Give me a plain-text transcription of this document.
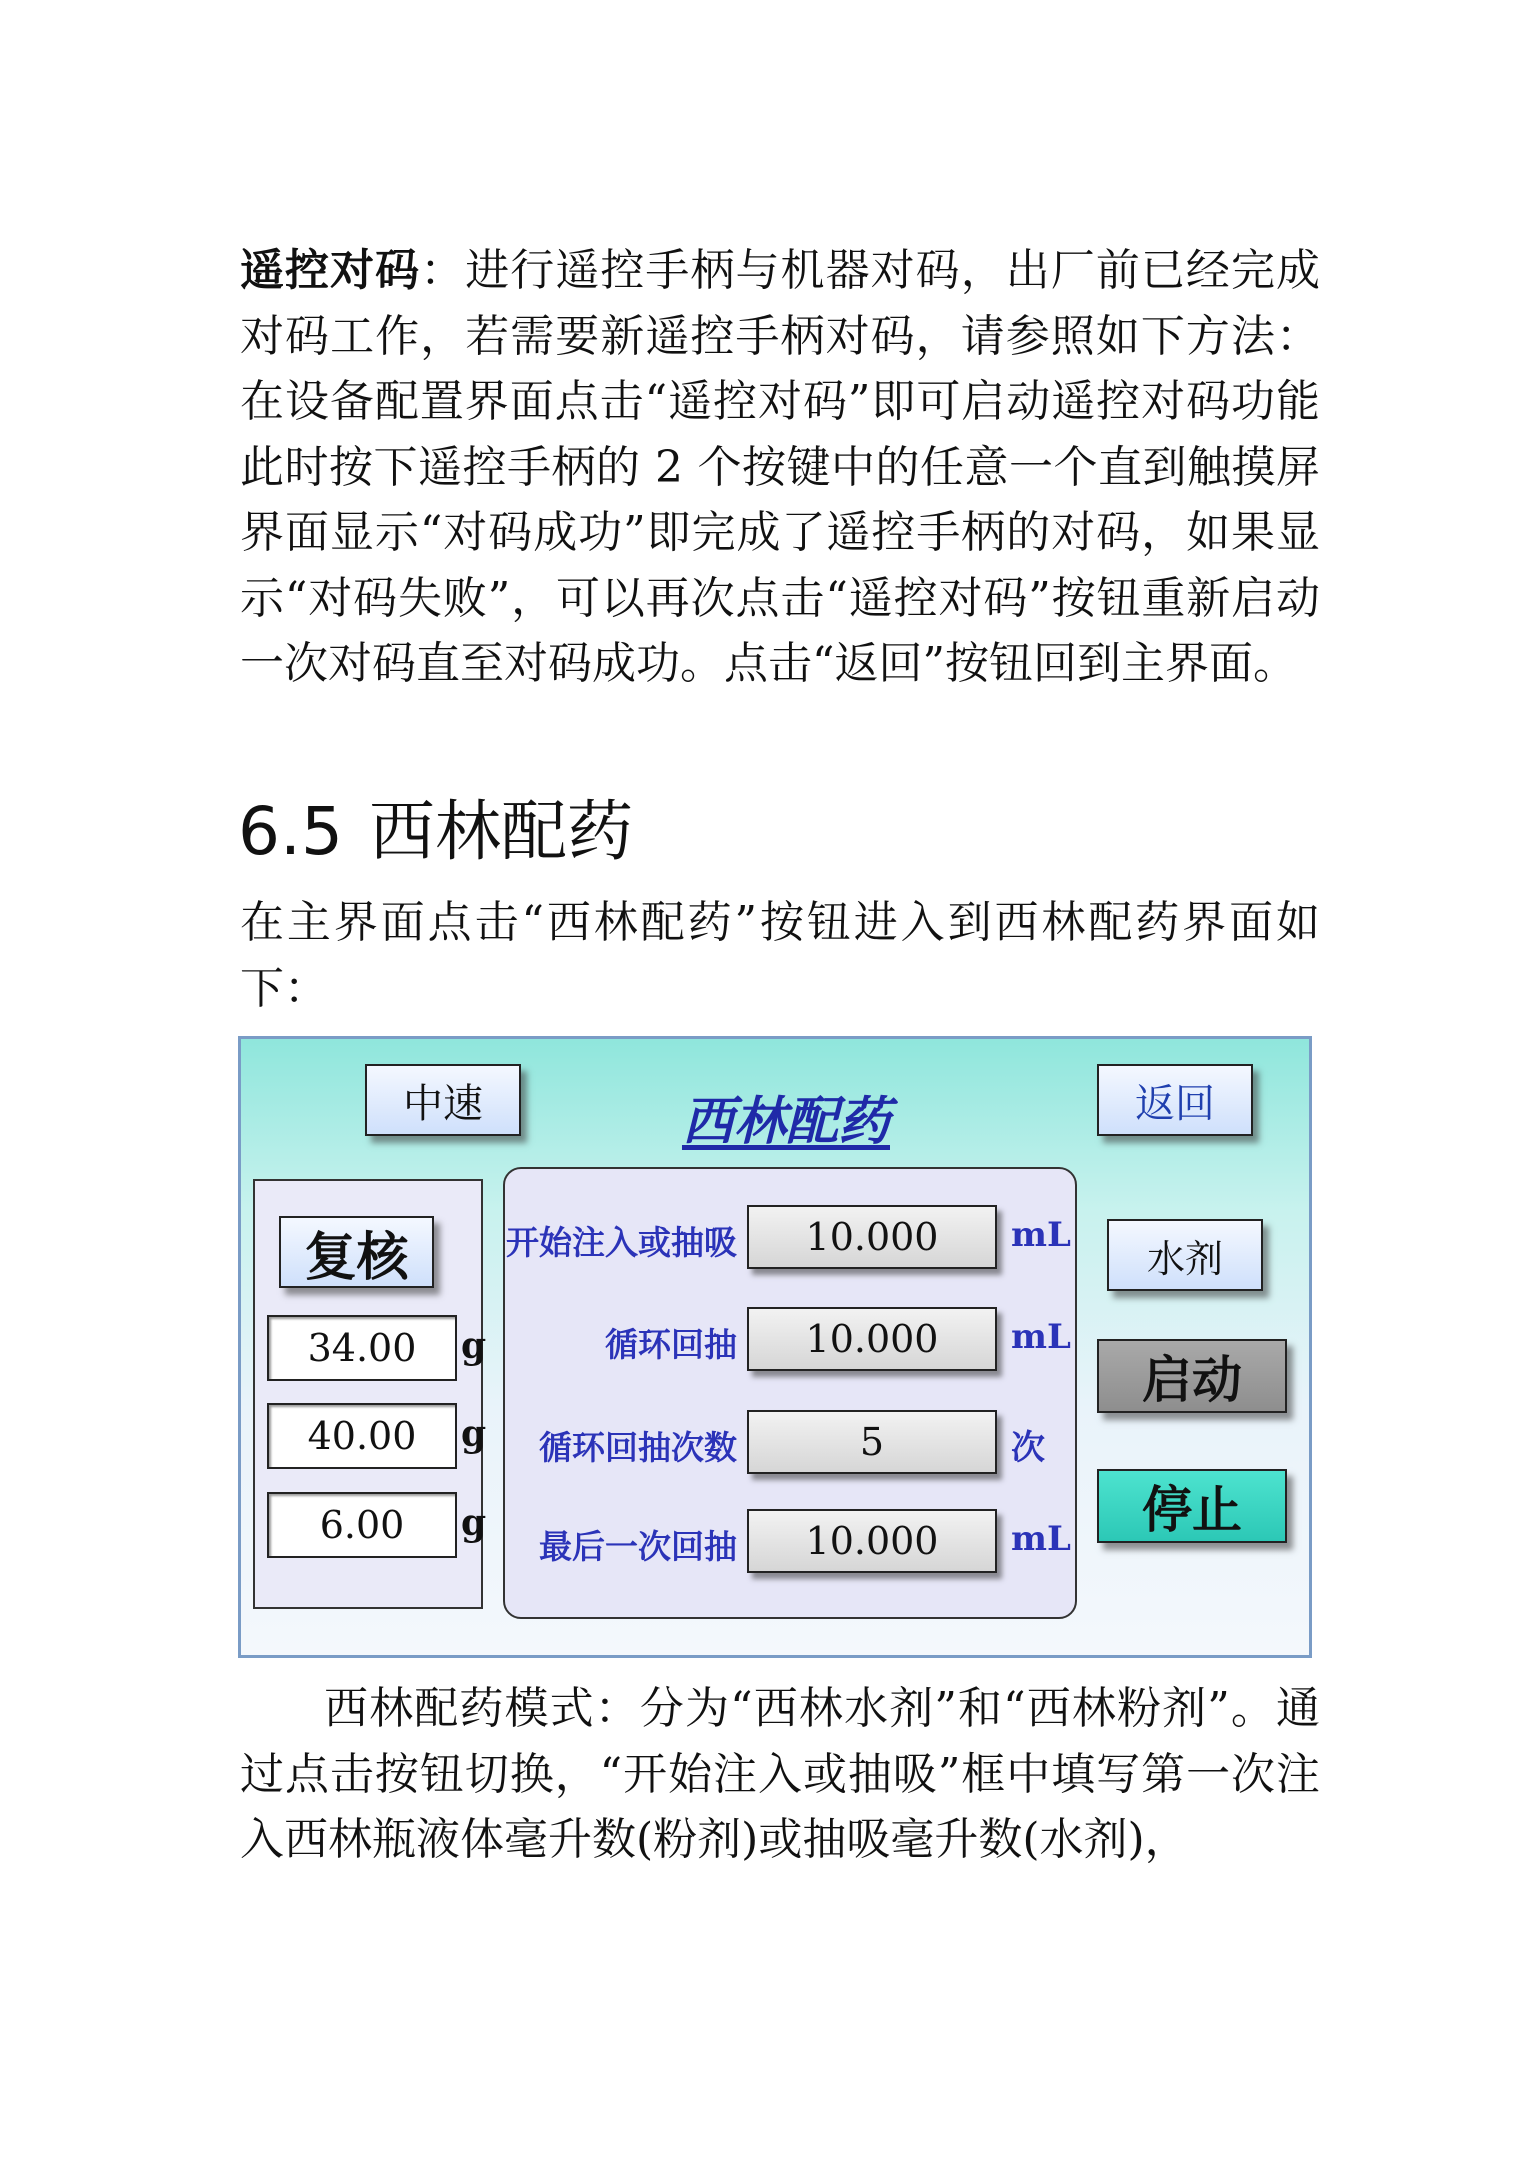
遥控对码：进行遥控手柄与机器对码，出厂前已经完成对码工作，若需要新遥控手柄对码，请参照如下方法：在设备配置界面点击“遥控对码”即可启动遥控对码功能此时按下遥控手柄的 2 个按键中的任意一个直到触摸屏界面显示“对码成功”即完成了遥控手柄的对码，如果显示“对码失败”，可以再次点击“遥控对码”按钮重新启动一次对码直至对码成功。点击“返回”按钮回到主界面。

6.5 西林配药

在主界面点击“西林配药”按钮进入到西林配药界面如下：

中速	西林配药	返回
复核
34.00	g
40.00	g
6.00	g
开始注入或抽吸	10.000	mL
循环回抽	10.000	mL
循环回抽次数	5	次
最后一次回抽	10.000	mL
水剂
启动
停止

西林配药模式：分为“西林水剂”和“西林粉剂”。通过点击按钮切换，“开始注入或抽吸”框中填写第一次注入西林瓶液体毫升数(粉剂)或抽吸毫升数(水剂)，
